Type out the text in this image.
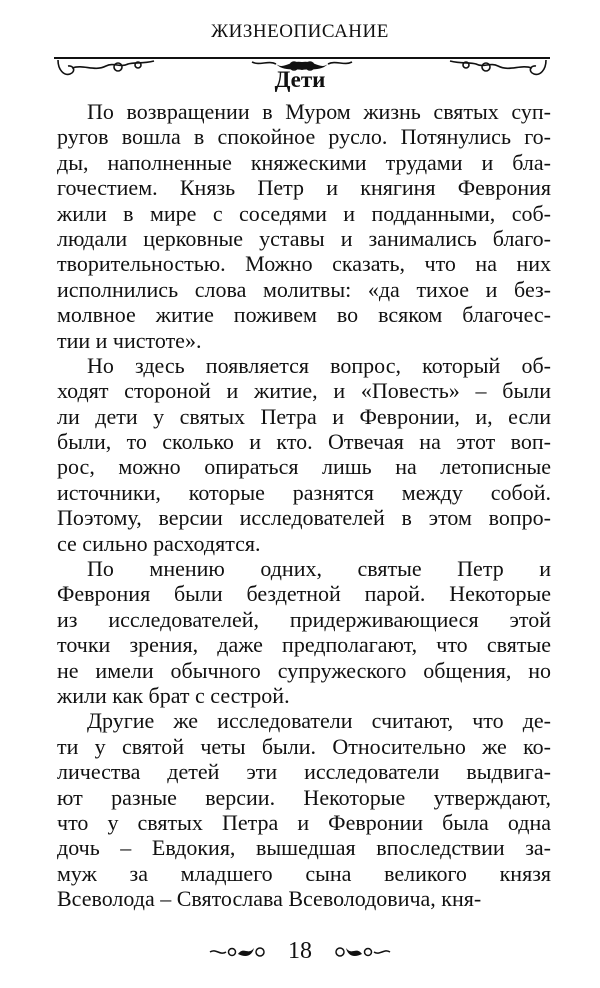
ЖИЗНЕОПИСАНИЕ
Дети
По возвращении в Муром жизнь святых суп-
ругов вошла в спокойное русло. Потянулись го-
ды, наполненные княжескими трудами и бла-
гочестием. Князь Петр и княгиня Феврония
жили в мире с соседями и подданными, соб-
людали церковные уставы и занимались благо-
творительностью. Можно сказать, что на них
исполнились слова молитвы: «да тихое и без-
молвное житие поживем во всяком благочес-
тии и чистоте».
Но здесь появляется вопрос, который об-
ходят стороной и житие, и «Повесть» – были
ли дети у святых Петра и Февронии, и, если
были, то сколько и кто. Отвечая на этот воп-
рос, можно опираться лишь на летописные
источники, которые разнятся между собой.
Поэтому, версии исследователей в этом вопро-
се сильно расходятся.
По мнению одних, святые Петр и
Феврония были бездетной парой. Некоторые
из исследователей, придерживающиеся этой
точки зрения, даже предполагают, что святые
не имели обычного супружеского общения, но
жили как брат с сестрой.
Другие же исследователи считают, что де-
ти у святой четы были. Относительно же ко-
личества детей эти исследователи выдвига-
ют разные версии. Некоторые утверждают,
что у святых Петра и Февронии была одна
дочь – Евдокия, вышедшая впоследствии за-
муж за младшего сына великого князя
Всеволода – Святослава Всеволодовича, кня-
18
